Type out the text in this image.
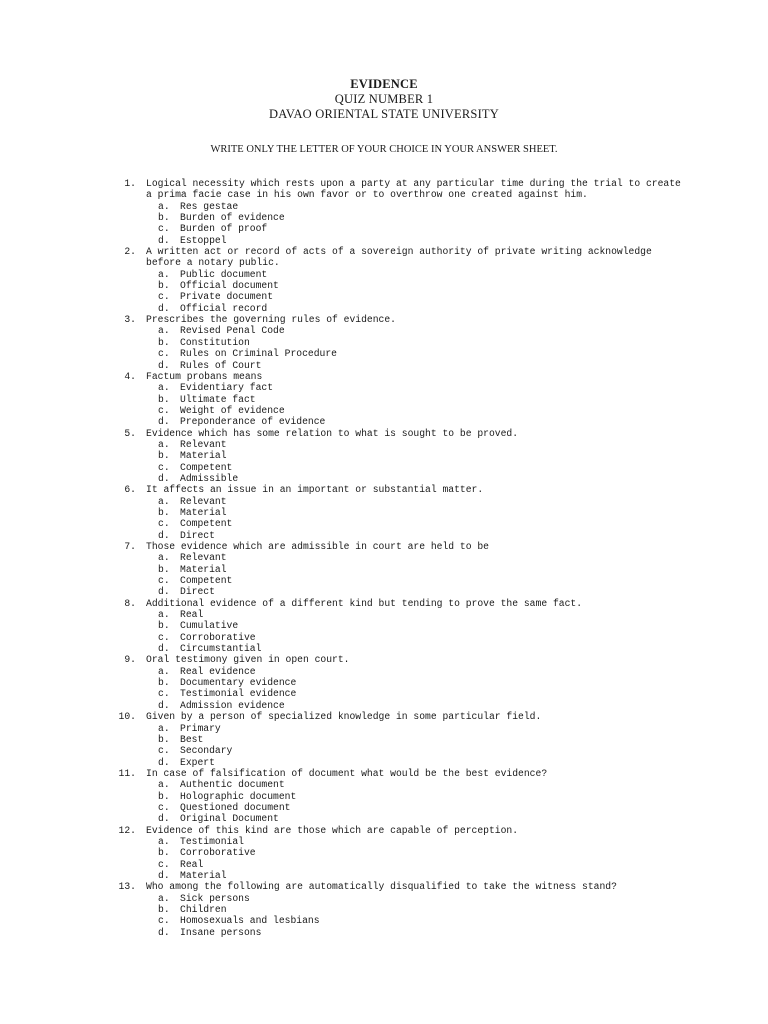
EVIDENCE
QUIZ NUMBER 1
DAVAO ORIENTAL STATE UNIVERSITY
WRITE ONLY THE LETTER OF YOUR CHOICE IN YOUR ANSWER SHEET.
1. Logical necessity which rests upon a party at any particular time during the trial to create a prima facie case in his own favor or to overthrow one created against him.
a.	Res gestae
b.	Burden of evidence
c.	Burden of proof
d.	Estoppel
2. A written act or record of acts of a sovereign authority of private writing acknowledge before a notary public.
a.	Public document
b.	Official document
c.	Private document
d.	Official record
3. Prescribes the governing rules of evidence.
a.	Revised Penal Code
b.	Constitution
c.	Rules on Criminal Procedure
d.	Rules of Court
4. Factum probans means
a.	Evidentiary fact
b.	Ultimate fact
c.	Weight of evidence
d.	Preponderance of evidence
5. Evidence which has some relation to what is sought to be proved.
a.	Relevant
b.	Material
c.	Competent
d.	Admissible
6. It affects an issue in an important or substantial matter.
a.	Relevant
b.	Material
c.	Competent
d.	Direct
7. Those evidence which are admissible in court are held to be
a.	Relevant
b.	Material
c.	Competent
d.	Direct
8. Additional evidence of a different kind but tending to prove the same fact.
a.	Real
b.	Cumulative
c.	Corroborative
d.	Circumstantial
9. Oral testimony given in open court.
a.	Real evidence
b.	Documentary evidence
c.	Testimonial evidence
d.	Admission evidence
10. Given by a person of specialized knowledge in some particular field.
a.	Primary
b.	Best
c.	Secondary
d.	Expert
11. In case of falsification of document what would be the best evidence?
a.	Authentic document
b.	Holographic document
c.	Questioned document
d.	Original Document
12. Evidence of this kind are those which are capable of perception.
a.	Testimonial
b.	Corroborative
c.	Real
d.	Material
13. Who among the following are automatically disqualified to take the witness stand?
a.	Sick persons
b.	Children
c.	Homosexuals and lesbians
d.	Insane persons
